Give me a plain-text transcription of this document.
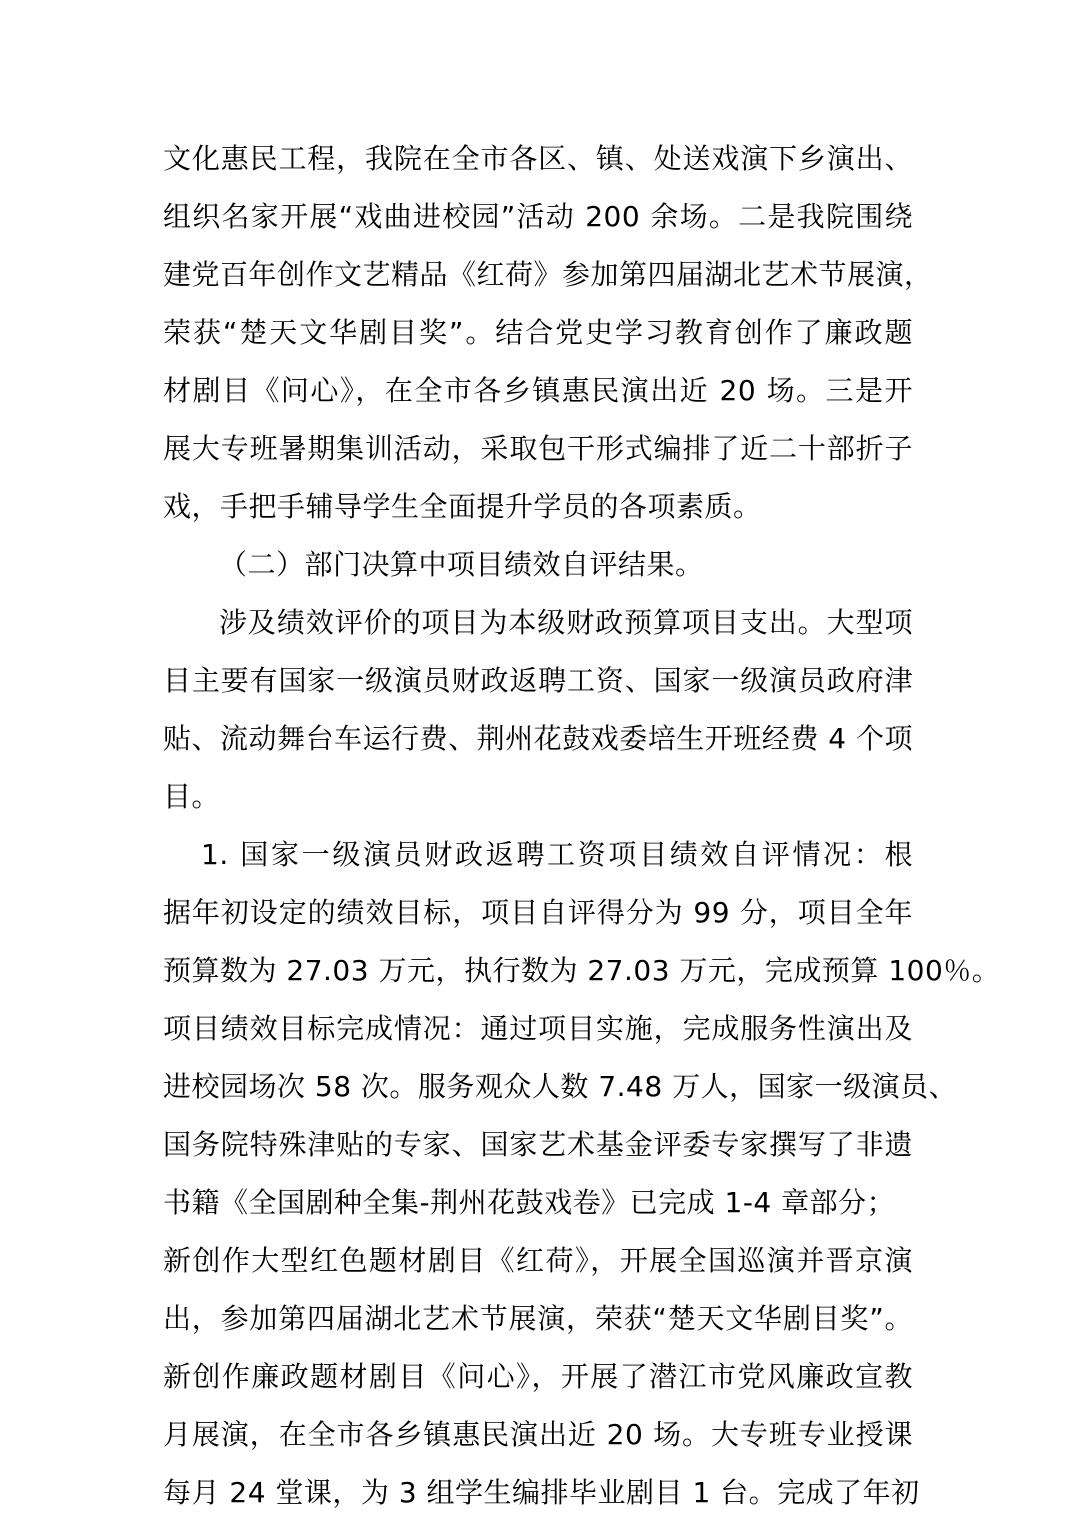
文化惠民工程，我院在全市各区、镇、处送戏演下乡演出、
组织名家开展“戏曲进校园”活动 200 余场。二是我院围绕
建党百年创作文艺精品《红荷》参加第四届湖北艺术节展演，
荣获“楚天文华剧目奖”。结合党史学习教育创作了廉政题
材剧目《问心》，在全市各乡镇惠民演出近 20 场。三是开
展大专班暑期集训活动，采取包干形式编排了近二十部折子
戏，手把手辅导学生全面提升学员的各项素质。
（二）部门决算中项目绩效自评结果。
涉及绩效评价的项目为本级财政预算项目支出。大型项
目主要有国家一级演员财政返聘工资、国家一级演员政府津
贴、流动舞台车运行费、荆州花鼓戏委培生开班经费 4 个项
目。
1. 国家一级演员财政返聘工资项目绩效自评情况：根
据年初设定的绩效目标，项目自评得分为 99 分，项目全年
预算数为 27.03 万元，执行数为 27.03 万元，完成预算 100％。
项目绩效目标完成情况：通过项目实施，完成服务性演出及
进校园场次 58 次。服务观众人数 7.48 万人，国家一级演员、
国务院特殊津贴的专家、国家艺术基金评委专家撰写了非遗
书籍《全国剧种全集-荆州花鼓戏卷》已完成 1-4 章部分；
新创作大型红色题材剧目《红荷》，开展全国巡演并晋京演
出，参加第四届湖北艺术节展演，荣获“楚天文华剧目奖”。
新创作廉政题材剧目《问心》，开展了潜江市党风廉政宣教
月展演，在全市各乡镇惠民演出近 20 场。大专班专业授课
每月 24 堂课，为 3 组学生编排毕业剧目 1 台。完成了年初
